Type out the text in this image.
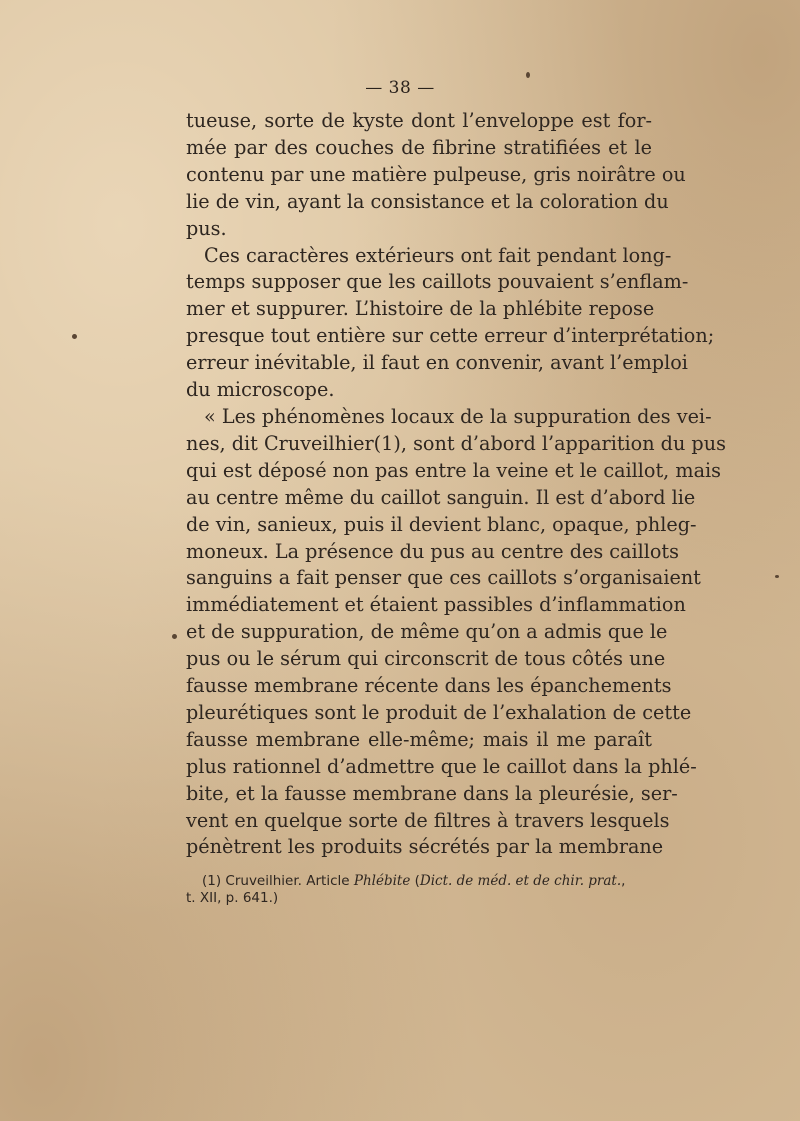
— 38 —
tueuse, sorte de kyste dont l’enveloppe est for-
mée par des couches de fibrine stratifiées et le
contenu par une matière pulpeuse, gris noirâtre ou
lie de vin, ayant la consistance et la coloration du
pus.
Ces caractères extérieurs ont fait pendant long-
temps supposer que les caillots pouvaient s’enflam-
mer et suppurer. L’histoire de la phlébite repose
presque tout entière sur cette erreur d’interprétation;
erreur inévitable, il faut en convenir, avant l’emploi
du microscope.
« Les phénomènes locaux de la suppuration des vei-
nes, dit Cruveilhier(1), sont d’abord l’apparition du pus
qui est déposé non pas entre la veine et le caillot, mais
au centre même du caillot sanguin. Il est d’abord lie
de vin, sanieux, puis il devient blanc, opaque, phleg-
moneux. La présence du pus au centre des caillots
sanguins a fait penser que ces caillots s’organisaient
immédiatement et étaient passibles d’inflammation
et de suppuration, de même qu’on a admis que le
pus ou le sérum qui circonscrit de tous côtés une
fausse membrane récente dans les épanchements
pleurétiques sont le produit de l’exhalation de cette
fausse membrane elle-même; mais il me paraît
plus rationnel d’admettre que le caillot dans la phlé-
bite, et la fausse membrane dans la pleurésie, ser-
vent en quelque sorte de filtres à travers lesquels
pénètrent les produits sécrétés par la membrane
(1) Cruveilhier. Article Phlébite (Dict. de méd. et de chir. prat.,
t. XII, p. 641.)
